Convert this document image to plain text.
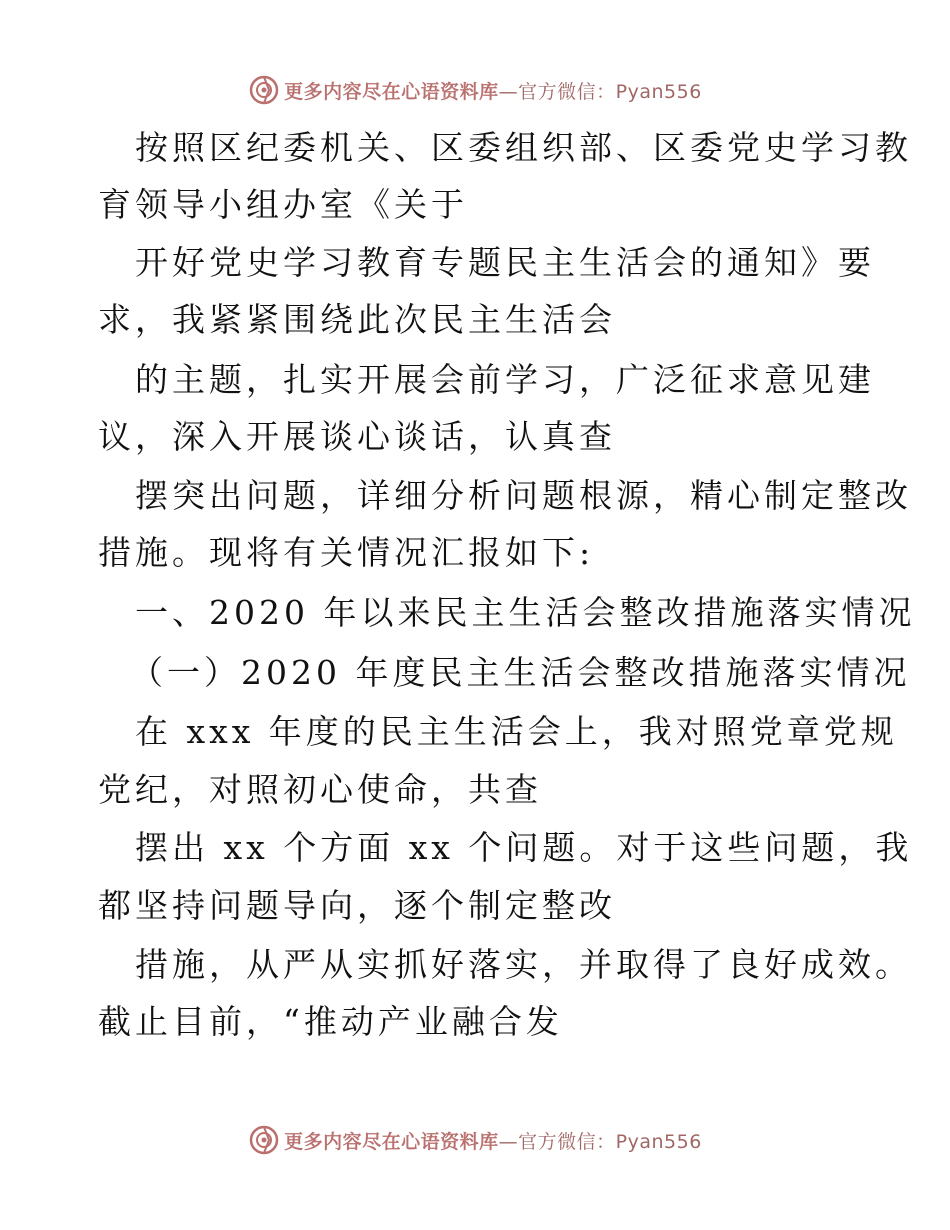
更多内容尽在心语资料库—官方微信：Pyan556
按照区纪委机关、区委组织部、区委党史学习教
育领导小组办室《关于
开好党史学习教育专题民主生活会的通知》要
求，我紧紧围绕此次民主生活会
的主题，扎实开展会前学习，广泛征求意见建
议，深入开展谈心谈话，认真查
摆突出问题，详细分析问题根源，精心制定整改
措施。现将有关情况汇报如下:
一、2020 年以来民主生活会整改措施落实情况
（一）2020 年度民主生活会整改措施落实情况
在 xxx 年度的民主生活会上，我对照党章党规
党纪，对照初心使命，共查
摆出 xx 个方面 xx 个问题。对于这些问题，我
都坚持问题导向，逐个制定整改
措施，从严从实抓好落实，并取得了良好成效。
截止目前，“推动产业融合发
更多内容尽在心语资料库—官方微信：Pyan556
